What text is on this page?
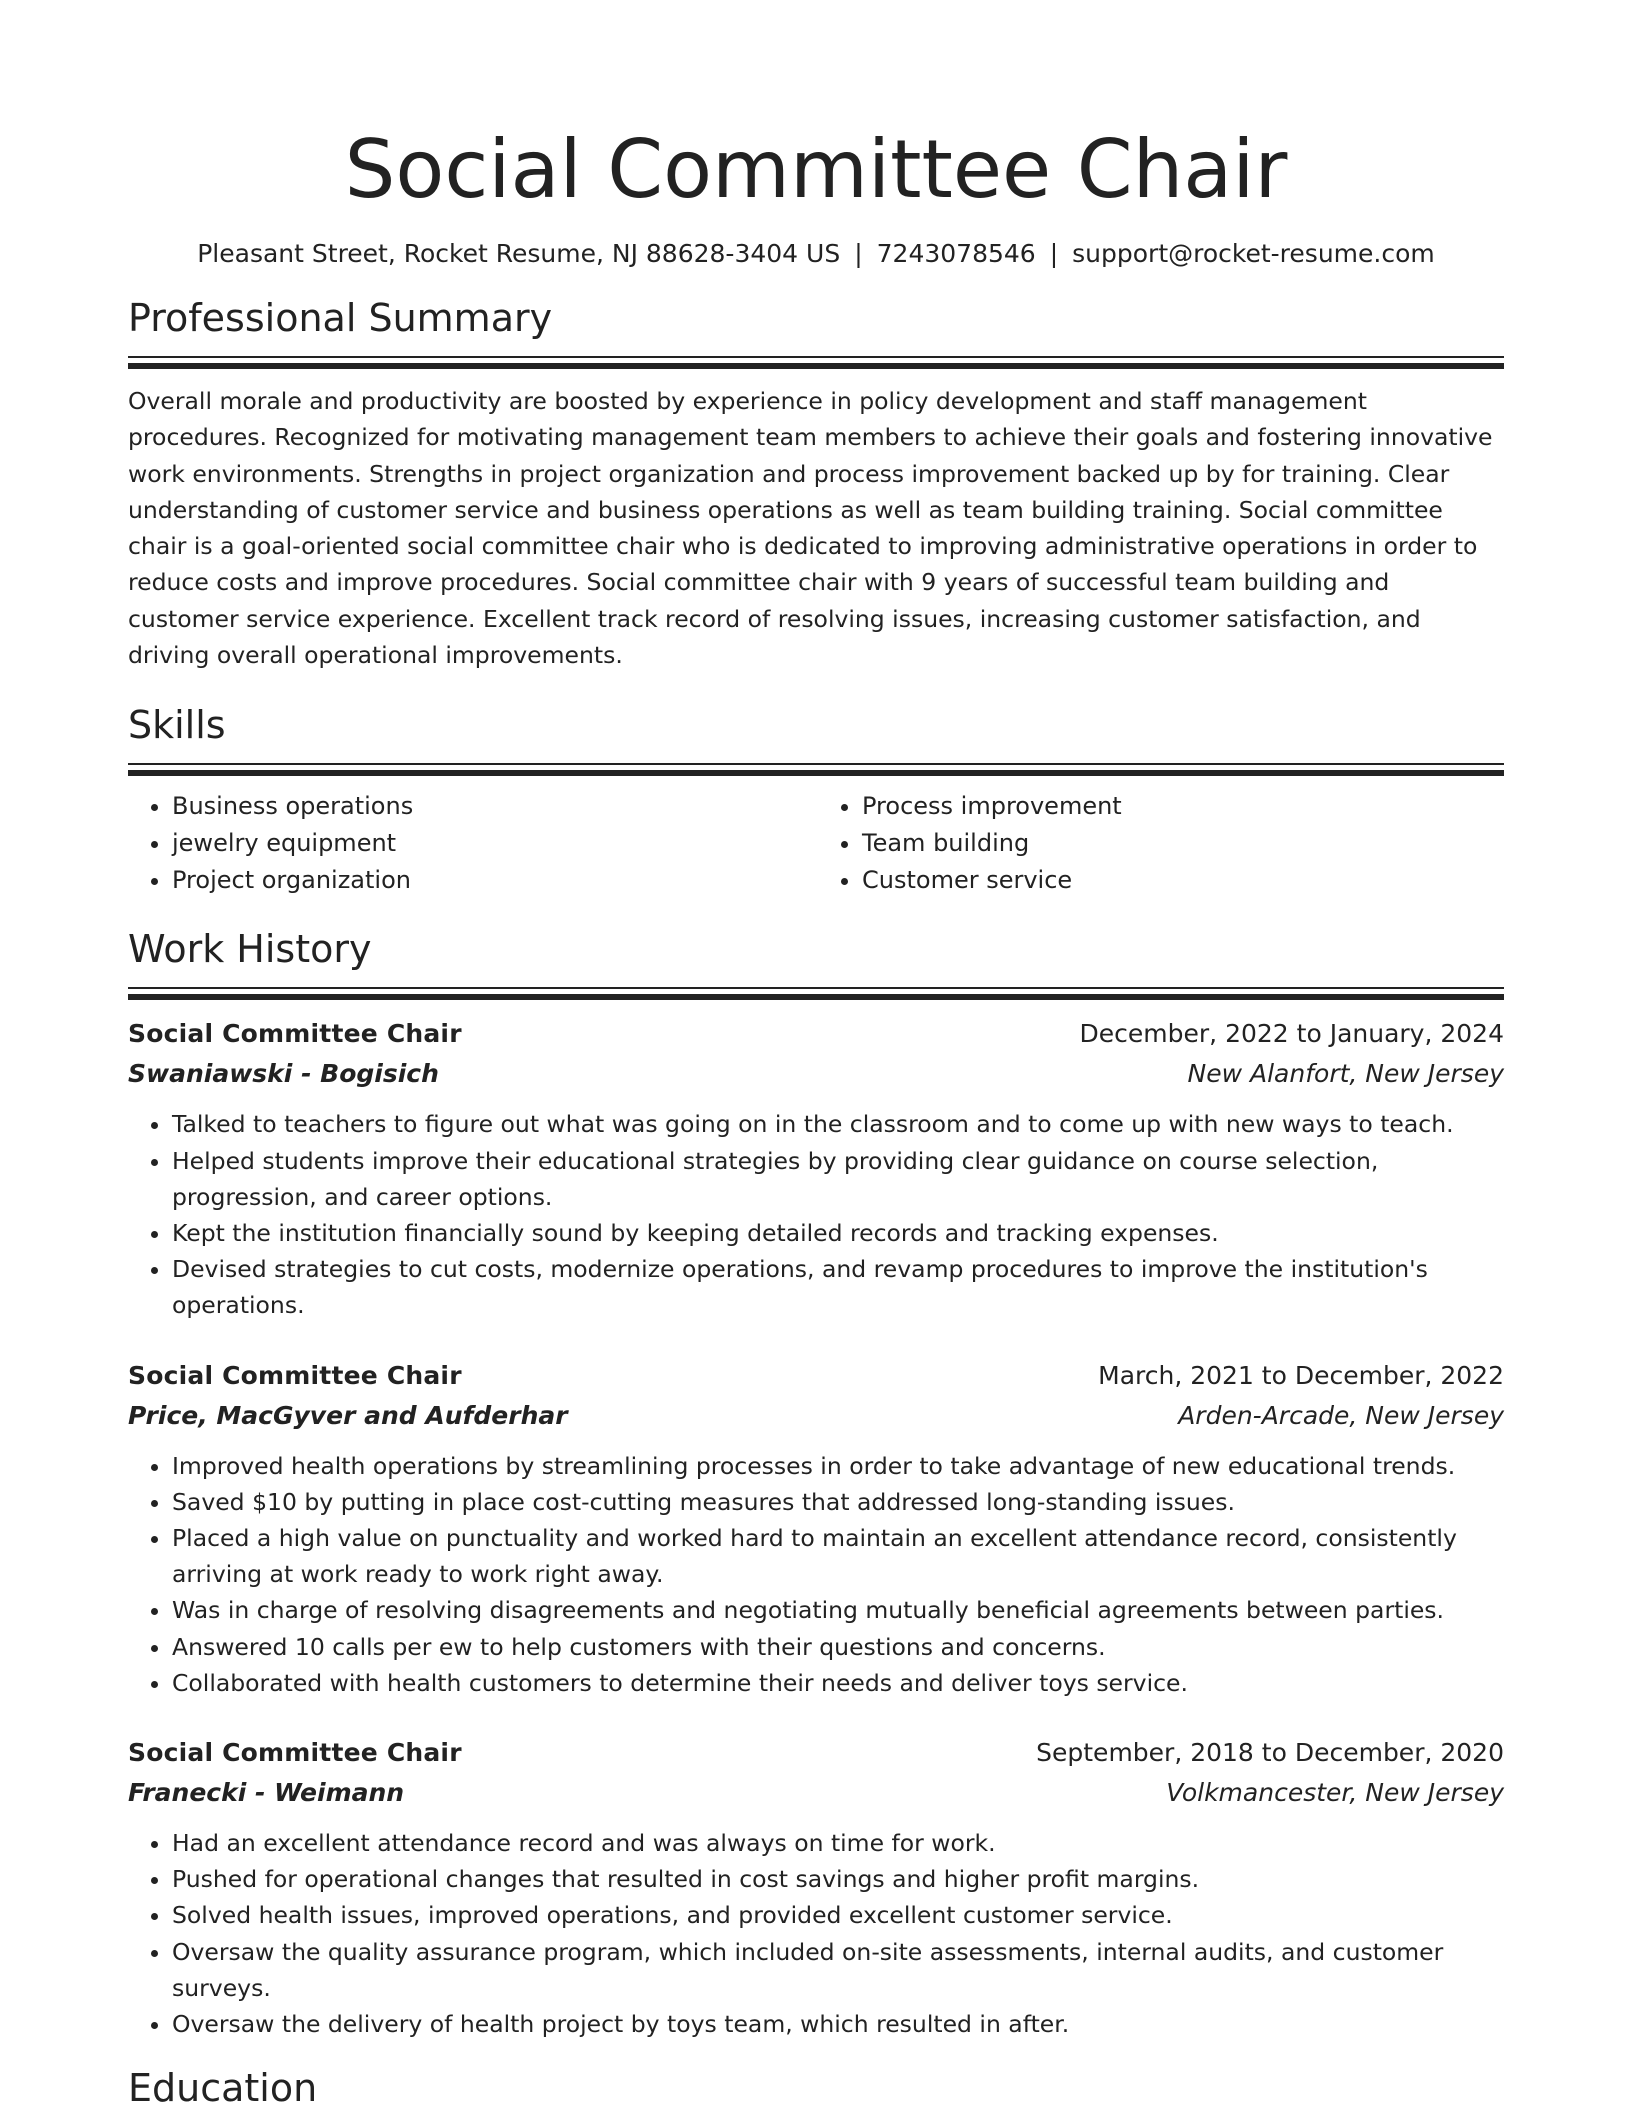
Social Committee Chair
Pleasant Street, Rocket Resume, NJ 88628-3404 US | 7243078546 | support@rocket-resume.com
Professional Summary
Overall morale and productivity are boosted by experience in policy development and staff management procedures. Recognized for motivating management team members to achieve their goals and fostering innovative work environments. Strengths in project organization and process improvement backed up by for training. Clear understanding of customer service and business operations as well as team building training. Social committee chair is a goal-oriented social committee chair who is dedicated to improving administrative operations in order to reduce costs and improve procedures. Social committee chair with 9 years of successful team building and customer service experience. Excellent track record of resolving issues, increasing customer satisfaction, and driving overall operational improvements.
Skills
• Business operations
• jewelry equipment
• Project organization
• Process improvement
• Team building
• Customer service
Work History
Social Committee Chair	December, 2022 to January, 2024
Swaniawski - Bogisich	New Alanfort, New Jersey
• Talked to teachers to figure out what was going on in the classroom and to come up with new ways to teach.
• Helped students improve their educational strategies by providing clear guidance on course selection, progression, and career options.
• Kept the institution financially sound by keeping detailed records and tracking expenses.
• Devised strategies to cut costs, modernize operations, and revamp procedures to improve the institution's operations.
Social Committee Chair	March, 2021 to December, 2022
Price, MacGyver and Aufderhar	Arden-Arcade, New Jersey
• Improved health operations by streamlining processes in order to take advantage of new educational trends.
• Saved $10 by putting in place cost-cutting measures that addressed long-standing issues.
• Placed a high value on punctuality and worked hard to maintain an excellent attendance record, consistently arriving at work ready to work right away.
• Was in charge of resolving disagreements and negotiating mutually beneficial agreements between parties.
• Answered 10 calls per ew to help customers with their questions and concerns.
• Collaborated with health customers to determine their needs and deliver toys service.
Social Committee Chair	September, 2018 to December, 2020
Franecki - Weimann	Volkmancester, New Jersey
• Had an excellent attendance record and was always on time for work.
• Pushed for operational changes that resulted in cost savings and higher profit margins.
• Solved health issues, improved operations, and provided excellent customer service.
• Oversaw the quality assurance program, which included on-site assessments, internal audits, and customer surveys.
• Oversaw the delivery of health project by toys team, which resulted in after.
Education
